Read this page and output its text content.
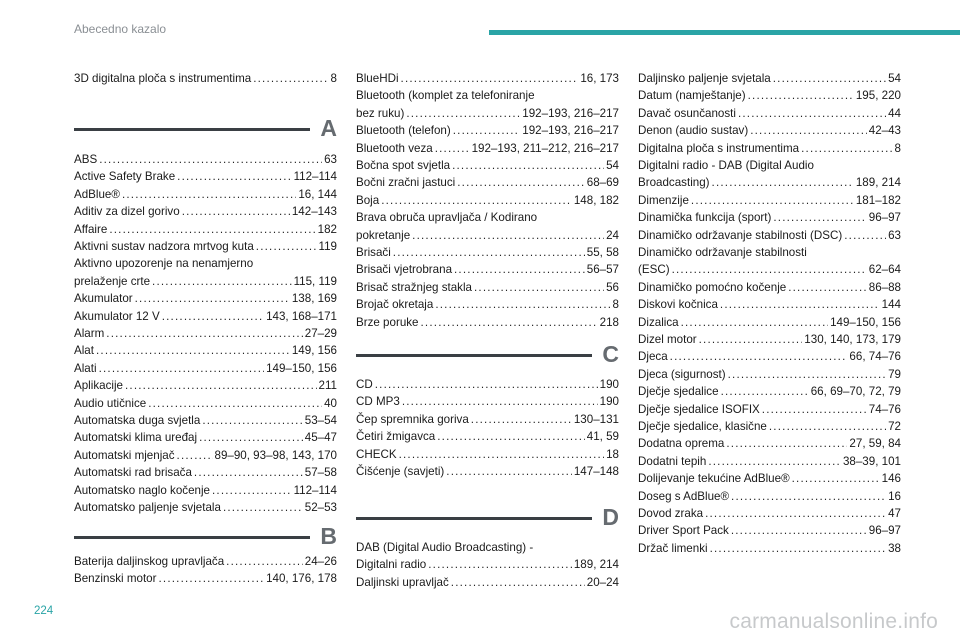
Abecedno kazalo
3D digitalna ploča s instrumentima .....	8
A
ABS .....	63
Active Safety Brake .....	112–114
AdBlue® .....	16, 144
Aditiv za dizel gorivo .....	142–143
Affaire .....	182
Aktivni sustav nadzora mrtvog kuta .....	119
Aktivno upozorenje na nenamjerno
prelaženje crte .....	115, 119
Akumulator .....	138, 169
Akumulator 12 V .....	143, 168–171
Alarm .....	27–29
Alat .....	149, 156
Alati .....	149–150, 156
Aplikacije .....	211
Audio utičnice .....	40
Automatska duga svjetla .....	53–54
Automatski klima uređaj .....	45–47
Automatski mjenjač .....	89–90, 93–98, 143, 170
Automatski rad brisača .....	57–58
Automatsko naglo kočenje .....	112–114
Automatsko paljenje svjetala .....	52–53
B
Baterija daljinskog upravljača .....	24–26
Benzinski motor .....	140, 176, 178
BlueHDi .....	16, 173
Bluetooth (komplet za telefoniranje
bez ruku) .....	192–193, 216–217
Bluetooth (telefon) .....	192–193, 216–217
Bluetooth veza .....	192–193, 211–212, 216–217
Bočna spot svjetla .....	54
Bočni zračni jastuci .....	68–69
Boja .....	148, 182
Brava obruča upravljača / Kodirano
pokretanje .....	24
Brisači .....	55, 58
Brisači vjetrobrana .....	56–57
Brisač stražnjeg stakla .....	56
Brojač okretaja .....	8
Brze poruke .....	218
C
CD .....	190
CD MP3 .....	190
Čep spremnika goriva .....	130–131
Četiri žmigavca .....	41, 59
CHECK .....	18
Čišćenje (savjeti) .....	147–148
D
DAB (Digital Audio Broadcasting) -
Digitalni radio .....	189, 214
Daljinski upravljač .....	20–24
Daljinsko paljenje svjetala .....	54
Datum (namještanje) .....	195, 220
Davač osunčanosti .....	44
Denon (audio sustav) .....	42–43
Digitalna ploča s instrumentima .....	8
Digitalni radio - DAB (Digital Audio
Broadcasting) .....	189, 214
Dimenzije .....	181–182
Dinamička funkcija (sport) .....	96–97
Dinamičko održavanje stabilnosti (DSC) .....	63
Dinamičko održavanje stabilnosti
(ESC) .....	62–64
Dinamičko pomoćno kočenje .....	86–88
Diskovi kočnica .....	144
Dizalica .....	149–150, 156
Dizel motor .....	130, 140, 173, 179
Djeca .....	66, 74–76
Djeca (sigurnost) .....	79
Dječje sjedalice .....	66, 69–70, 72, 79
Dječje sjedalice ISOFIX .....	74–76
Dječje sjedalice, klasične .....	72
Dodatna oprema .....	27, 59, 84
Dodatni tepih .....	38–39, 101
Dolijevanje tekućine AdBlue® .....	146
Doseg s AdBlue® .....	16
Dovod zraka .....	47
Driver Sport Pack .....	96–97
Držač limenki .....	38
224	carmanualsonline.info
